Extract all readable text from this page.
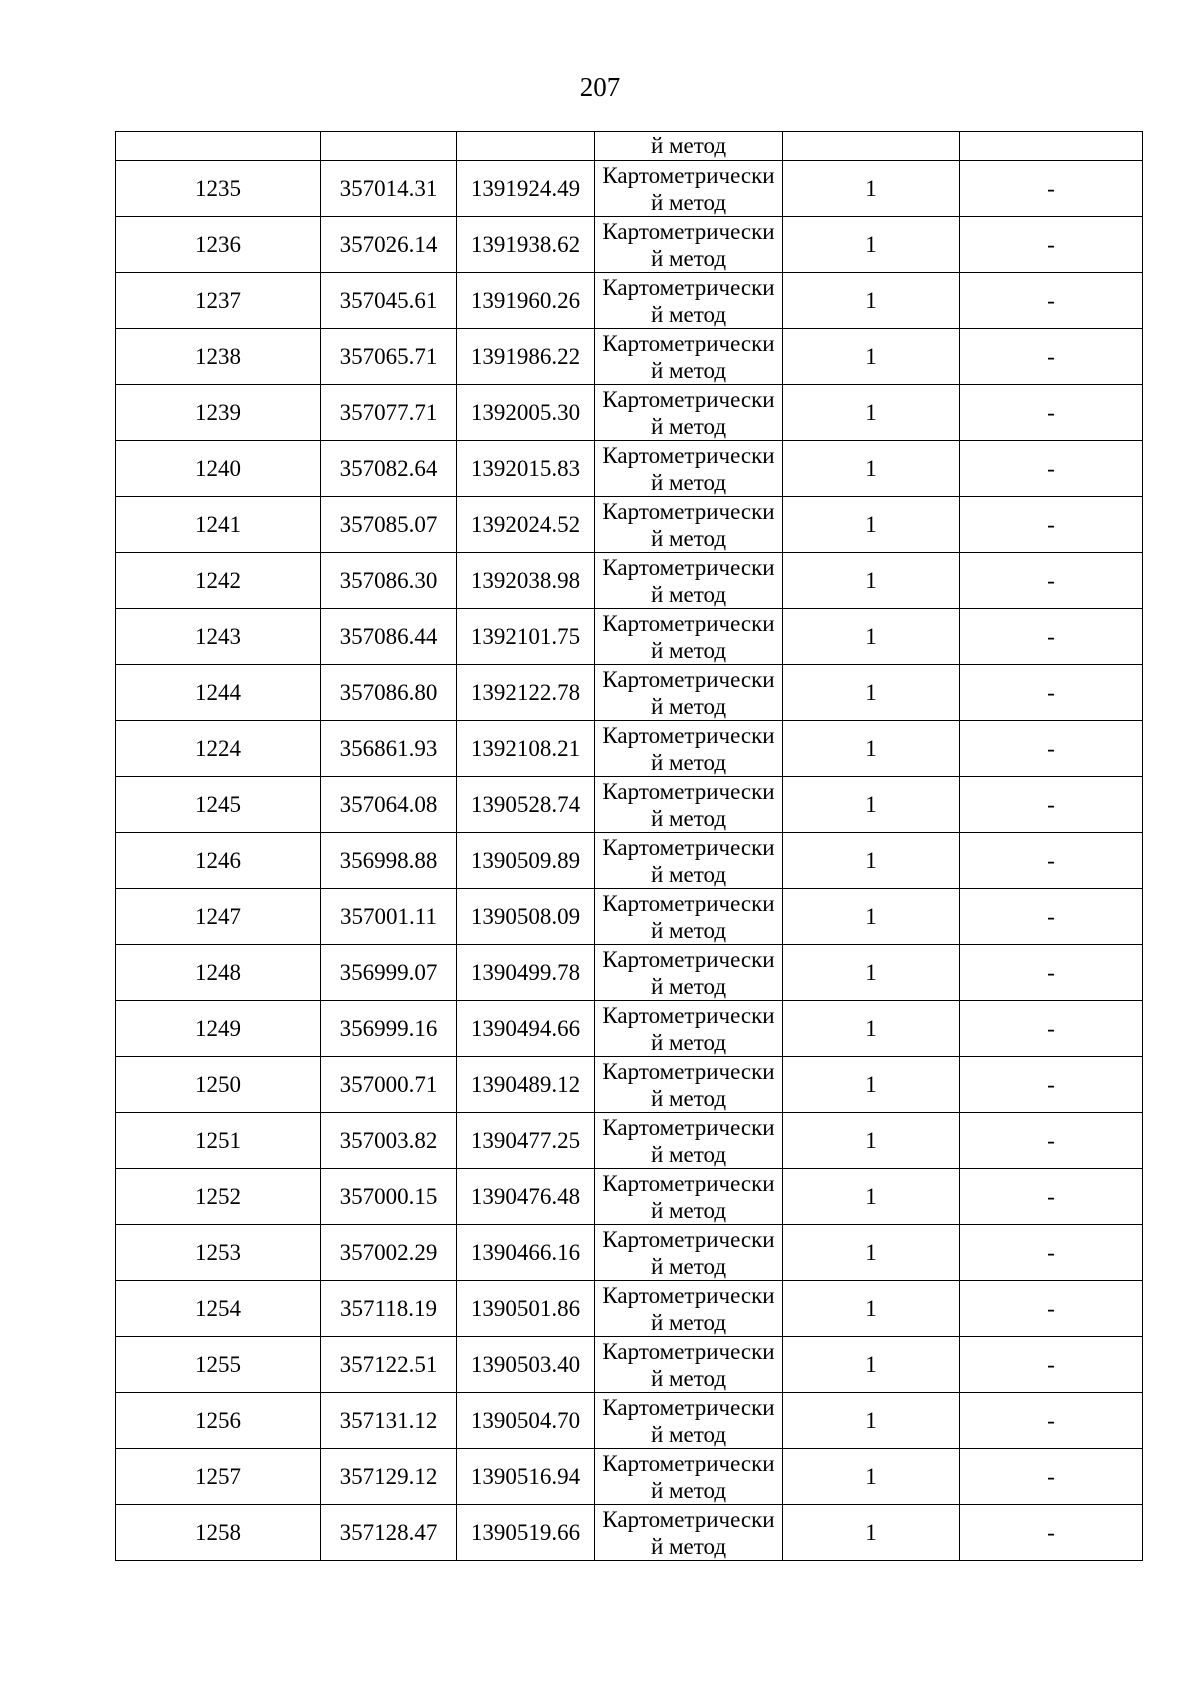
207
			й метод		
1235	357014.31	1391924.49	Картометрически
й метод	1	-
1236	357026.14	1391938.62	Картометрически
й метод	1	-
1237	357045.61	1391960.26	Картометрически
й метод	1	-
1238	357065.71	1391986.22	Картометрически
й метод	1	-
1239	357077.71	1392005.30	Картометрически
й метод	1	-
1240	357082.64	1392015.83	Картометрически
й метод	1	-
1241	357085.07	1392024.52	Картометрически
й метод	1	-
1242	357086.30	1392038.98	Картометрически
й метод	1	-
1243	357086.44	1392101.75	Картометрически
й метод	1	-
1244	357086.80	1392122.78	Картометрически
й метод	1	-
1224	356861.93	1392108.21	Картометрически
й метод	1	-
1245	357064.08	1390528.74	Картометрически
й метод	1	-
1246	356998.88	1390509.89	Картометрически
й метод	1	-
1247	357001.11	1390508.09	Картометрически
й метод	1	-
1248	356999.07	1390499.78	Картометрически
й метод	1	-
1249	356999.16	1390494.66	Картометрически
й метод	1	-
1250	357000.71	1390489.12	Картометрически
й метод	1	-
1251	357003.82	1390477.25	Картометрически
й метод	1	-
1252	357000.15	1390476.48	Картометрически
й метод	1	-
1253	357002.29	1390466.16	Картометрически
й метод	1	-
1254	357118.19	1390501.86	Картометрически
й метод	1	-
1255	357122.51	1390503.40	Картометрически
й метод	1	-
1256	357131.12	1390504.70	Картометрически
й метод	1	-
1257	357129.12	1390516.94	Картометрически
й метод	1	-
1258	357128.47	1390519.66	Картометрически
й метод	1	-
